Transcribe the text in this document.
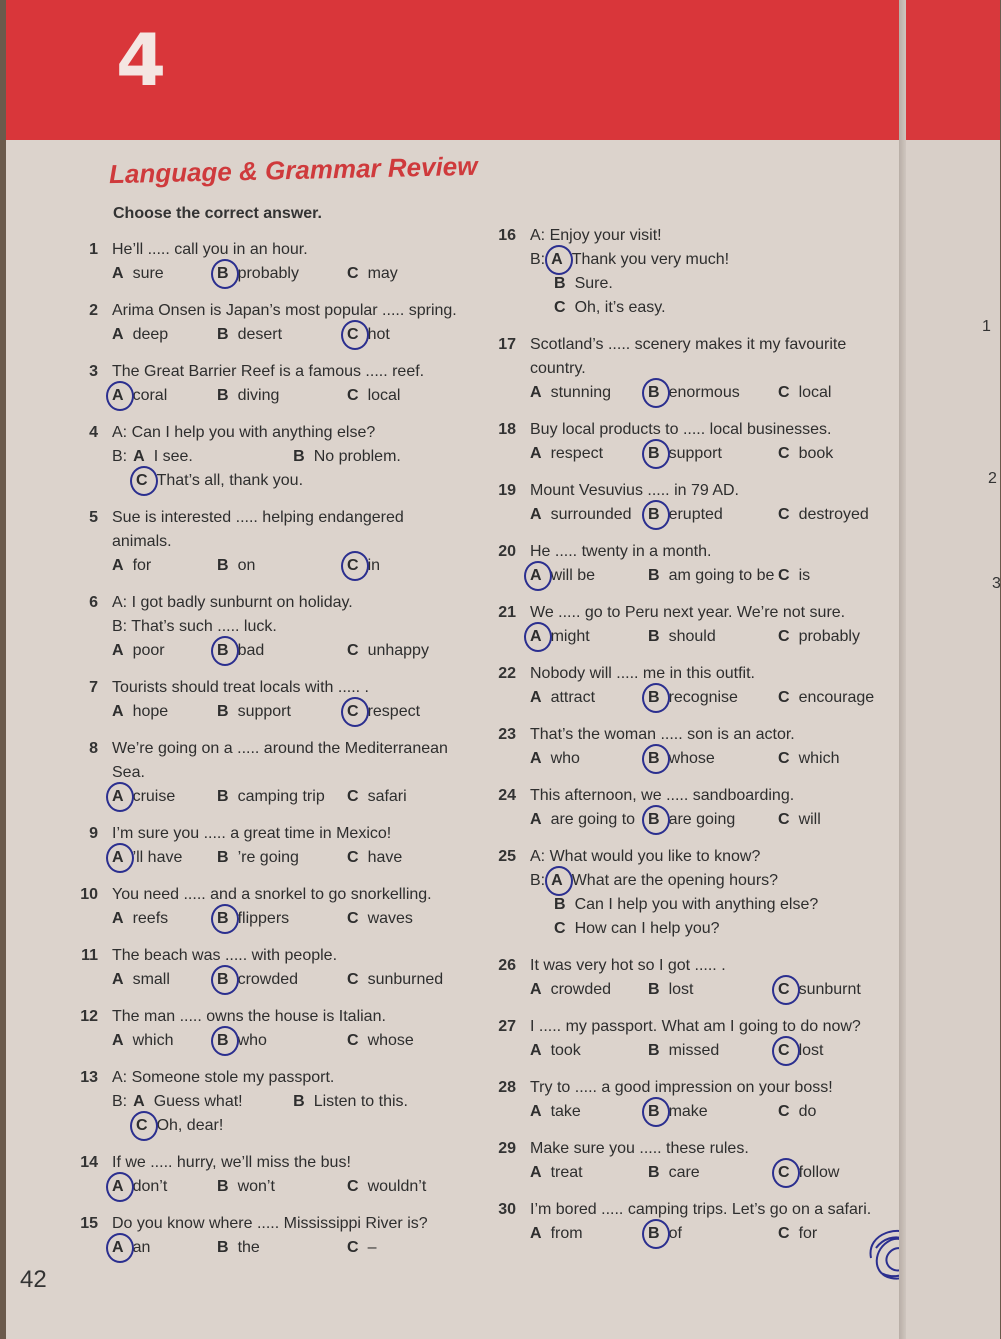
4
Language & Grammar Review
Choose the correct answer.
1 He’ll ..... call you in an hour.
A sure	B probably	C may
2 Arima Onsen is Japan’s most popular ..... spring.
A deep	B desert	C hot
3 The Great Barrier Reef is a famous ..... reef.
A coral	B diving	C local
4 A: Can I help you with anything else?
B: A I see.	B No problem.
C That’s all, thank you.
5 Sue is interested ..... helping endangered
animals.
A for	B on	C in
6 A: I got badly sunburnt on holiday.
B: That’s such ..... luck.
A poor	B bad	C unhappy
7 Tourists should treat locals with ..... .
A hope	B support	C respect
8 We’re going on a ..... around the Mediterranean
Sea.
A cruise	B camping trip	C safari
9 I’m sure you ..... a great time in Mexico!
A ’ll have	B ’re going	C have
10 You need ..... and a snorkel to go snorkelling.
A reefs	B flippers	C waves
11 The beach was ..... with people.
A small	B crowded	C sunburned
12 The man ..... owns the house is Italian.
A which	B who	C whose
13 A: Someone stole my passport.
B: A Guess what!	B Listen to this.
C Oh, dear!
14 If we ..... hurry, we’ll miss the bus!
A don’t	B won’t	C wouldn’t
15 Do you know where ..... Mississippi River is?
A an	B the	C –
16 A: Enjoy your visit!
B: A Thank you very much!
B Sure.
C Oh, it’s easy.
17 Scotland’s ..... scenery makes it my favourite
country.
A stunning	B enormous	C local
18 Buy local products to ..... local businesses.
A respect	B support	C book
19 Mount Vesuvius ..... in 79 AD.
A surrounded	B erupted	C destroyed
20 He ..... twenty in a month.
A will be	B am going to be C is
21 We ..... go to Peru next year. We’re not sure.
A might	B should	C probably
22 Nobody will ..... me in this outfit.
A attract	B recognise	C encourage
23 That’s the woman ..... son is an actor.
A who	B whose	C which
24 This afternoon, we ..... sandboarding.
A are going to B are going	C will
25 A: What would you like to know?
B: A What are the opening hours?
B Can I help you with anything else?
C How can I help you?
26 It was very hot so I got ..... .
A crowded	B lost	C sunburnt
27 I ..... my passport. What am I going to do now?
A took	B missed	C lost
28 Try to ..... a good impression on your boss!
A take	B make	C do
29 Make sure you ..... these rules.
A treat	B care	C follow
30 I’m bored ..... camping trips. Let’s go on a safari.
A from	B of	C for
42
1
2
3
